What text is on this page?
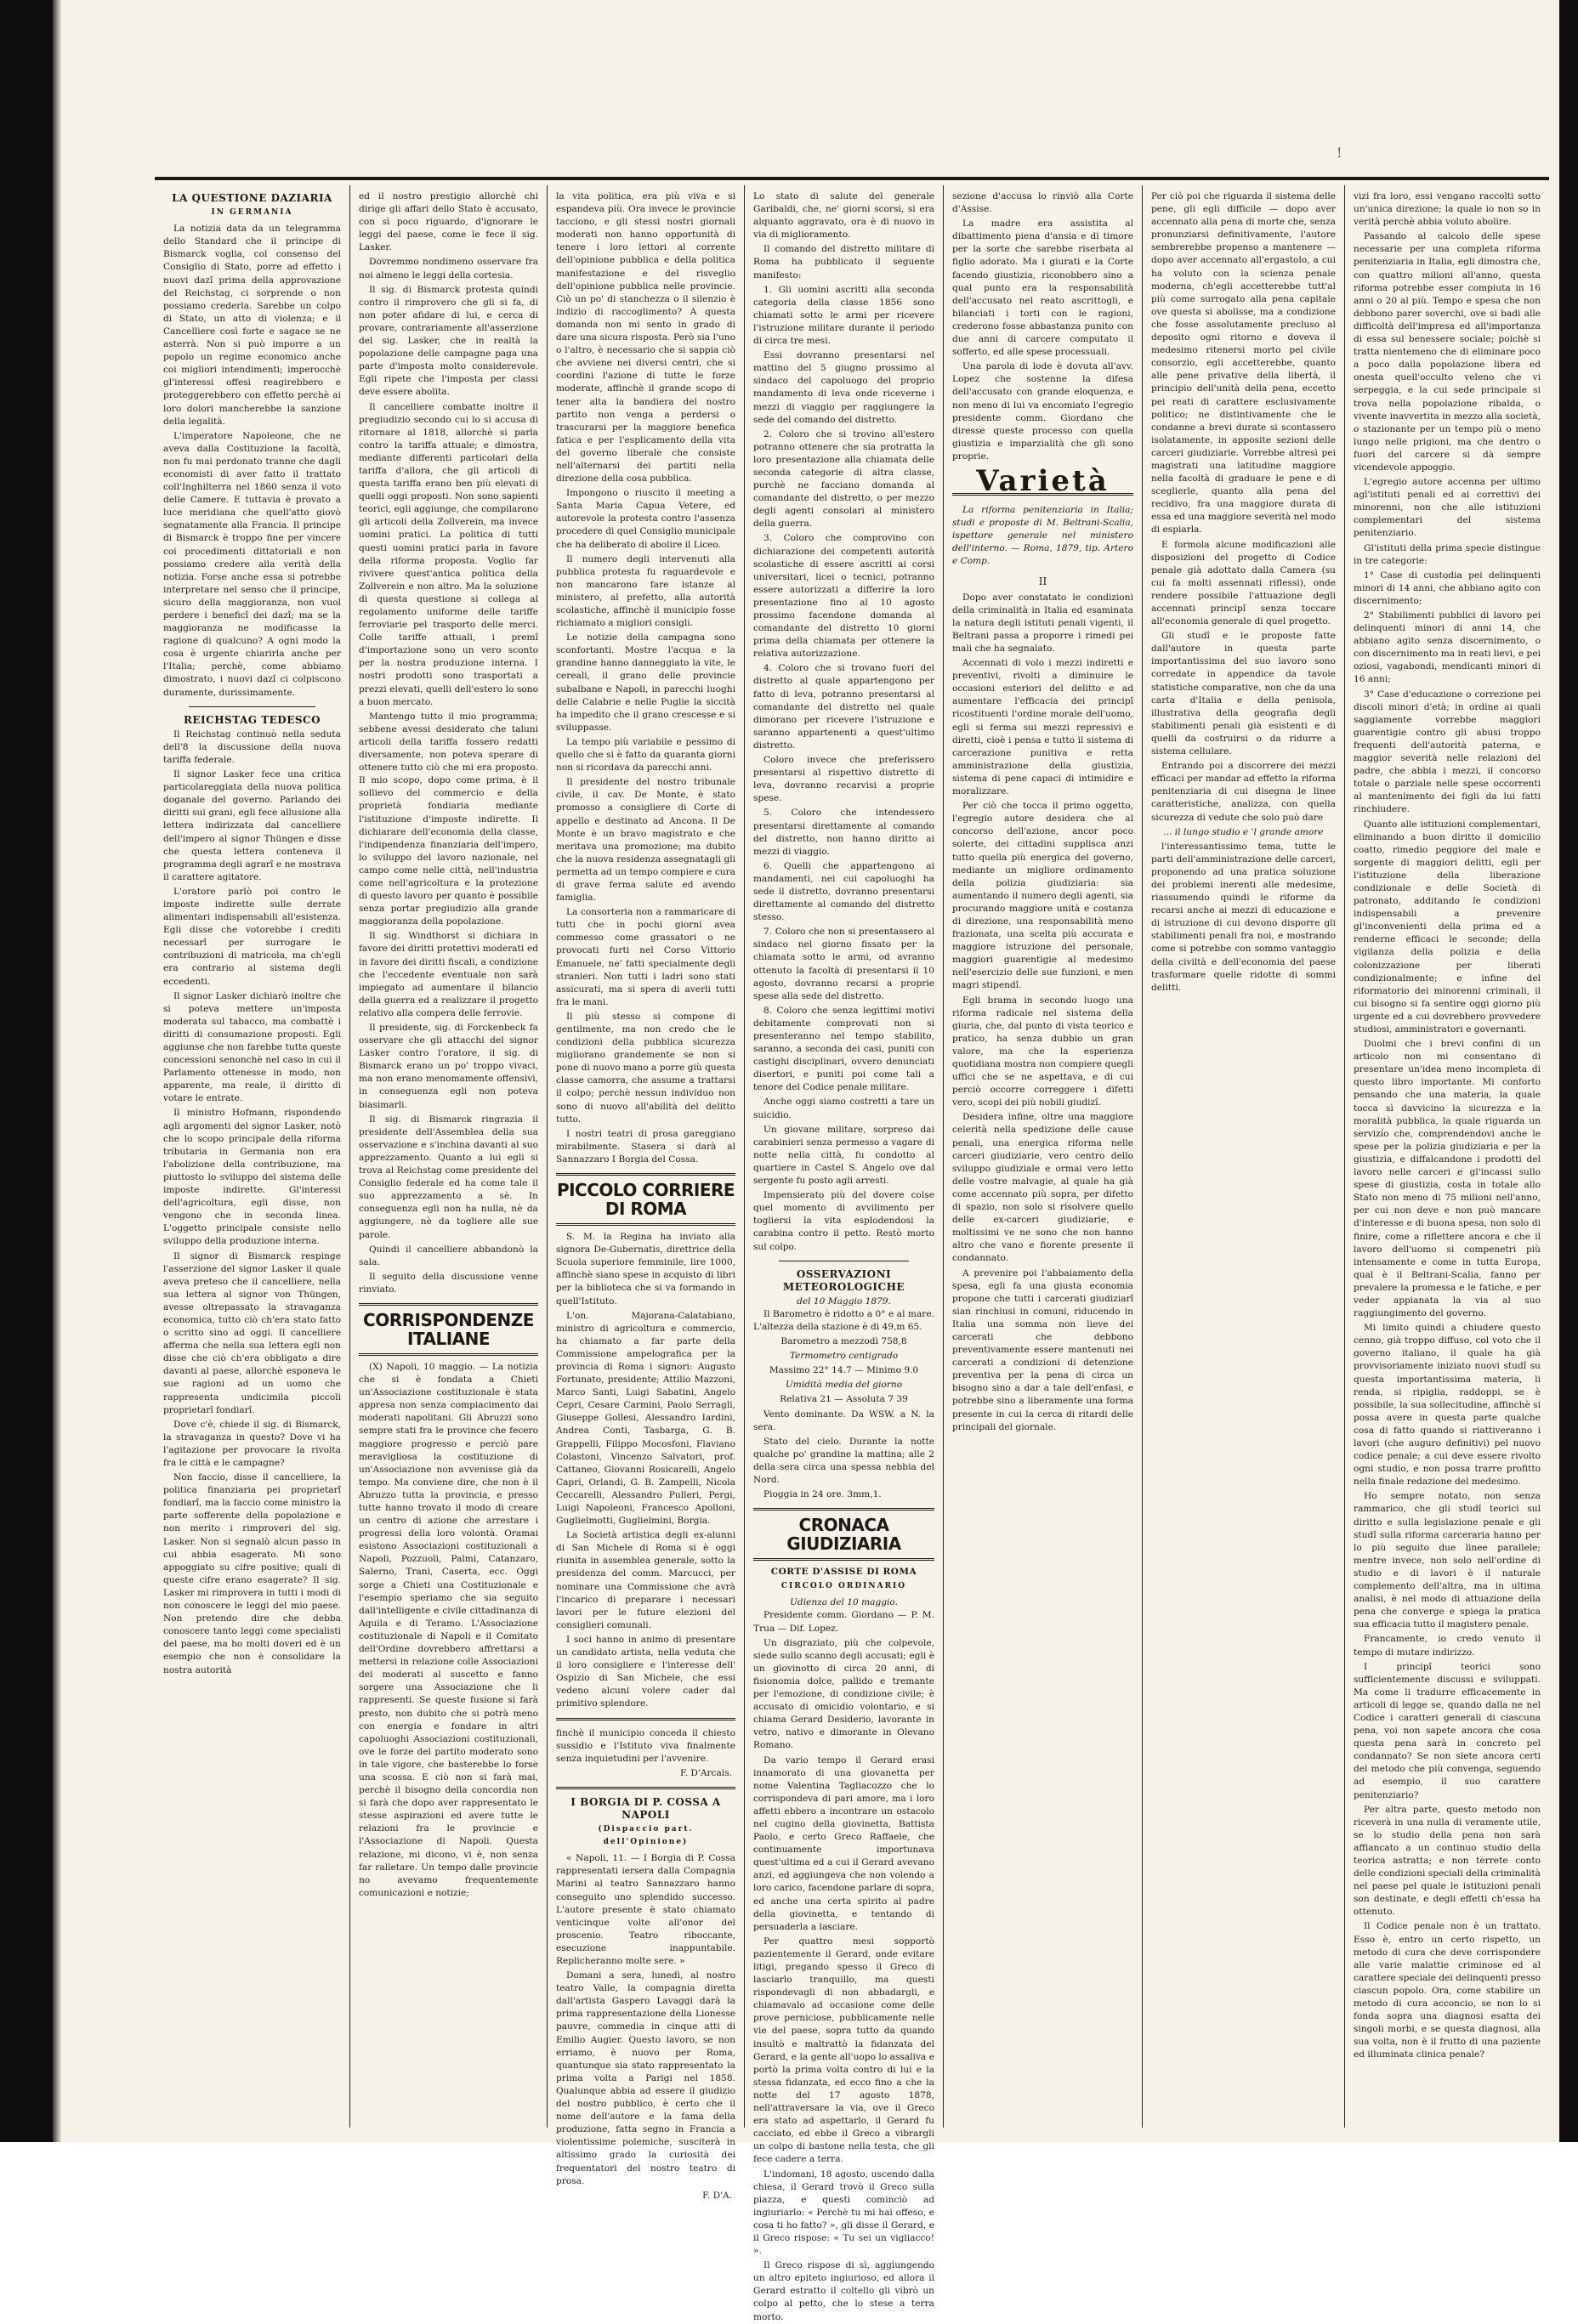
!
LA QUESTIONE DAZIARIA
IN GERMANIA

La notizia data da un telegramma dello Standard che il principe di Bismarck voglia, col consenso del Consiglio di Stato, porre ad effetto i nuovi dazî prima della approvazione del Reichstag, ci sorprende o non possiamo crederla. Sarebbe un colpo di Stato, un atto di violenza; e il Cancelliere così forte e sagace se ne asterrà. Non si può imporre a un popolo un regime economico anche coi migliori intendimenti; imperocchè gl'interessi offesi reagirebbero e proteggerebbero con effetto perchè ai loro dolori mancherebbe la sanzione della legalità.

L'imperatore Napoleone, che ne aveva dalla Costituzione la facoltà, non fu mai perdonato tranne che dagli economisti di aver fatto il trattato coll'Inghilterra nel 1860 senza il voto delle Camere. E tuttavia è provato a luce meridiana che quell'atto giovò segnatamente alla Francia. Il principe di Bismarck è troppo fine per vincere coi procedimenti dittatoriali e non possiamo credere alla verità della notizia. Forse anche essa si potrebbe interpretare nel senso che il principe, sicuro della maggioranza, non vuol perdere i beneficî dei dazî; ma se la maggioranza ne modificasse la ragione di qualcuno? A ogni modo la cosa è urgente chiarirla anche per l'Italia; perchè, come abbiamo dimostrato, i nuovi dazî ci colpiscono duramente, durissimamente.

REICHSTAG TEDESCO

Il Reichstag continuò nella seduta dell'8 la discussione della nuova tariffa federale.

Il signor Lasker fece una critica particolareggiata della nuova politica doganale del governo. Parlando dei diritti sui grani, egli fece allusione alla lettera indirizzata dal cancelliere dell'impero al signor Thüngen e disse che questa lettera conteneva il programma degli agrarî e ne mostrava il carattere agitatore.

L'oratore parlò poi contro le imposte indirette sulle derrate alimentari indispensabili all'esistenza. Egli disse che votorebbe i crediti necessarî per surrogare le contribuzioni di matricola, ma ch'egli era contrario al sistema degli eccedenti.

Il signor Lasker dichiarò inoltre che si poteva mettere un'imposta moderata sul tabacco, ma combattè i diritti di consumazione proposti. Egli aggiunse che non farebbe tutte queste concessioni senonchè nel caso in cui il Parlamento ottenesse in modo, non apparente, ma reale, il diritto di votare le entrate.

Il ministro Hofmann, rispondendo agli argomenti del signor Lasker, notò che lo scopo principale della riforma tributaria in Germania non era l'abolizione della contribuzione, ma piuttosto lo sviluppo del sistema delle imposte indirette. Gl'interessi dell'agricoltura, egli disse, non vengono che in seconda linea. L'oggetto principale consiste nello sviluppo della produzione interna.

Il signor di Bismarck respinge l'asserzione del signor Lasker il quale aveva preteso che il cancelliere, nella sua lettera al signor von Thüngen, avesse oltrepassato la stravaganza economica, tutto ciò ch'era stato fatto o scritto sino ad oggi. Il cancelliere afferma che nella sua lettera egli non disse che ciò ch'era obbligato a dire davanti al paese, allorchè esponeva le sue ragioni ad un uomo che rappresenta undicimila piccoli proprietarî fondiarî.

Dove c'è, chiede il sig. di Bismarck, la stravaganza in questo? Dove vi ha l'agitazione per provocare la rivolta fra le città e le campagne?

Non faccio, disse il cancelliere, la politica finanziaria pei proprietarî fondiarî, ma la faccio come ministro la parte sofferente della popolazione e non merito i rimproveri del sig. Lasker. Non si segnalò alcun passo in cui abbia esagerato. Mi sono appoggiato su cifre positive; quali di queste cifre erano esagerate? Il sig. Lasker mi rimprovera in tutti i modi di non conoscere le leggi del mio paese. Non pretendo dire che debba conoscere tanto leggi come specialisti del paese, ma ho molti doveri ed è un esempio che non è consolidare la nostra autorità

ed il nostro prestigio allorchè chi dirige gli affari dello Stato è accusato, con sì poco riguardo, d'ignorare le leggi del paese, come le fece il sig. Lasker.

Dovremmo nondimeno osservare fra noi almeno le leggi della cortesia.

Il sig. di Bismarck protesta quindi contro il rimprovero che gli si fa, di non poter afidare di lui, e cerca di provare, contrariamente all'asserzione del sig. Lasker, che in realtà la popolazione delle campagne paga una parte d'imposta molto considerevole. Egli ripete che l'imposta per classi deve essere abolita.

Il cancelliere combatte inoltre il pregiudizio secondo cui lo si accusa di ritornare al 1818, allorchè si parla contro la tariffa attuale; e dimostra, mediante differenti particolari della tariffa d'allora, che gli articoli di questa tariffa erano ben più elevati di quelli oggi proposti. Non sono sapienti teorici, egli aggiunge, che compilarono gli articoli della Zollverein, ma invece uomini pratici. La politica di tutti questi uomini pratici parla in favore della riforma proposta. Voglio far rivivere quest'antica politica della Zollverein e non altro. Ma la soluzione di questa questione si collega al regolamento uniforme delle tariffe ferroviarie pel trasporto delle merci. Colle tariffe attuali, i premî d'importazione sono un vero sconto per la nostra produzione interna. I nostri prodotti sono trasportati a prezzi elevati, quelli dell'estero lo sono a buon mercato.

Mantengo tutto il mio programma; sebbene avessi desiderato che taluni articoli della tariffa fossero redatti diversamente, non poteva sperare di ottenere tutto ciò che mi era proposto. Il mio scopo, dopo come prima, è il sollievo del commercio e della proprietà fondiaria mediante l'istituzione d'imposte indirette. Il dichiarare dell'economia della classe, l'indipendenza finanziaria dell'impero, lo sviluppo del lavoro nazionale, nel campo come nelle città, nell'industria come nell'agricoltura e la protezione di questo lavoro per quanto è possibile senza portar pregiudizio alla grande maggioranza della popolazione.

Il sig. Windthorst si dichiara in favore dei diritti protettivi moderati ed in favore dei diritti fiscali, a condizione che l'eccedente eventuale non sarà impiegato ad aumentare il bilancio della guerra ed a realizzare il progetto relativo alla compera delle ferrovie.

Il presidente, sig. di Forckenbeck fa osservare che gli attacchi del signor Lasker contro l'oratore, il sig. di Bismarck erano un po' troppo vivaci, ma non erano menomamente offensivi, in conseguenza egli non poteva biasimarli.

Il sig. di Bismarck ringrazia il presidente dell'Assemblea della sua osservazione e s'inchina davanti al suo apprezzamento. Quanto a lui egli si trova al Reichstag come presidente del Consiglio federale ed ha come tale il suo apprezzamento a sè. In conseguenza egli non ha nulla, nè da aggiungere, nè da togliere alle sue parole.

Quindi il cancelliere abbandonò la sala.

Il seguito della discussione venne rinviato.

CORRISPONDENZE ITALIANE

(X) Napoli, 10 maggio. — La notizia che si è fondata a Chieti un'Associazione costituzionale è stata appresa non senza compiacimento dai moderati napolitani. Gli Abruzzi sono sempre stati fra le province che fecero maggiore progresso e perciò pare meravigliosa la costituzione di un'Associazione non avvenisse già da tempo. Ma conviene dire, che non è il Abruzzo tutta la provincia, e presso tutte hanno trovato il modo di creare un centro di azione che arrestare i progressi della loro volontà. Oramai esistono Associazioni costituzionali a Napoli, Pozzuoli, Palmi, Catanzaro, Salerno, Trani, Caserta, ecc. Oggi sorge a Chieti una Costituzionale e l'esempio speriamo che sia seguito dall'intelligente e civile cittadinanza di Aquila e di Teramo. L'Associazione costituzionale di Napoli e il Comitato dell'Ordine dovrebbero affrettarsi a mettersi in relazione colle Associazioni dei moderati al suscetto e fanno sorgere una Associazione che li rappresenti. Se queste fusione si farà presto, non dubito che si potrà meno con energia e fondare in altri capoluoghi Associazioni costituzionali, ove le forze del partito moderato sono in tale vigore, che basterebbe lo forse una scossa. E ciò non si farà mai, perchè il bisogno della concordia non si farà che dopo aver rappresentato le stesse aspirazioni ed avere tutte le relazioni fra le provincie e l'Associazione di Napoli. Questa relazione, mi dicono, vi è, non senza far ralletare. Un tempo dalle provincie no avevamo frequentemente comunicazioni e notizie;

la vita politica, era più viva e si espandeva più. Ora invece le provincie tacciono, e gli stessi nostri giornali moderati non hanno opportunità di tenere i loro lettori al corrente dell'opinione pubblica e della politica manifestazione e del risveglio dell'opinione pubblica nelle provincie. Ciò un po' di stanchezza o il silenzio è indizio di raccoglimento? A questa domanda non mi sento in grado di dare una sicura risposta. Però sia l'uno o l'altro, è necessario che si sappia ciò che avviene nei diversi centri, che si coordini l'azione di tutte le forze moderate, affinchè il grande scopo di tener alta la bandiera del nostro partito non venga a perdersi o trascurarsi per la maggiore benefica fatica e per l'esplicamento della vita del governo liberale che consiste nell'alternarsi dei partiti nella direzione della cosa pubblica.

Impongono o riuscito il meeting a Santa Maria Capua Vetere, ed autorevole la protesta contro l'assenza procedere di quel Consiglio municipale che ha deliberato di abolire il Liceo.

Il numero degli intervenuti alla pubblica protesta fu raguardevole e non mancarono fare istanze al ministero, al prefetto, alla autorità scolastiche, affinchè il municipio fosse richiamato a migliori consigli.

Le notizie della campagna sono sconfortanti. Mostre l'acqua e la grandine hanno danneggiato la vite, le cereali, il grano delle provincie subalbane e Napoli, in parecchi luoghi delle Calabrie e nelle Puglie la siccità ha impedito che il grano crescesse e si sviluppasse.

La tempo più variabile e pessimo di quello che si è fatto da quaranta giorni non si ricordava da parecchi anni.

Il presidente del nostro tribunale civile, il cav. De Monte, è stato promosso a consigliere di Corte di appello e destinato ad Ancona. Il De Monte è un bravo magistrato e che meritava una promozione; ma dubito che la nuova residenza assegnatagli gli permetta ad un tempo compiere e cura di grave ferma salute ed avendo famiglia.

La consorteria non a rammaricare di tutti che in pochi giorni avea commesso come grassatori o ne provocati furti nel Corso Vittorio Emanuele, ne' fatti specialmente degli stranieri. Non tutti i ladri sono stati assicurati, ma si spera di averli tutti fra le mani.

Il più stesso si compone di gentilmente, ma non credo che le condizioni della pubblica sicurezza migliorano grandemente se non si pone di nuovo mano a porre giù questa classe camorra, che assume a trattarsi il colpo; perchè nessun individuo non sono di nuovo all'abilità del delitto tutto.

I nostri teatri di prosa gareggiano mirabilmente. Stasera si darà al Sannazzaro I Borgia del Cossa.

PICCOLO CORRIERE DI ROMA

S. M. la Regina ha inviato alla signora De-Gubernatis, direttrice della Scuola superiore femminile, lire 1000, affinchè siano spese in acquisto di libri per la biblioteca che si va formando in quell'Istituto.

L'on. Majorana-Calatabiano, ministro di agricoltura e commercio, ha chiamato a far parte della Commissione ampelografica per la provincia di Roma i signori: Augusto Fortunato, presidente; Attilio Mazzoni, Marco Santi, Luigi Sabatini, Angelo Cepri, Cesare Carmini, Paolo Serragli, Giuseppe Gollesi, Alessandro Iardini, Andrea Conti, Tasbarga, G. B. Grappelli, Filippo Mocosfoni, Flaviano Colastoni, Vincenzo Salvatori, prof. Cattaneo, Giovanni Rosicarelli, Angelo Capri, Orlandi, G. B. Zampelli, Nicola Ceccarelli, Alessandro Pulleri, Pergi, Luigi Napoleoni, Francesco Apolloni, Guglielmotti, Guglielmini, Borgia.

La Società artistica degli ex-alunni di San Michele di Roma si è oggi riunita in assemblea generale, sotto la presidenza del comm. Marcucci, per nominare una Commissione che avrà l'incarico di preparare i necessari lavori per le future elezioni del consiglieri comunali.

I soci hanno in animo di presentare un candidato artista, nella veduta che il loro consigliere e l'interesse dell' Ospizio di San Michele, che essi vedeno alcuni volere cader dal primitivo splendore.

finchè il municipio conceda il chiesto sussidio e l'Istituto viva finalmente senza inquietudini per l'avvenire.

F. D'Arcais.
I BORGIA DI P. COSSA A NAPOLI
(Dispaccio part. dell'Opinione)

« Napoli, 11. — I Borgia di P. Cossa rappresentati iersera dalla Compagnia Marini al teatro Sannazzaro hanno conseguito uno splendido successo. L'autore presente è stato chiamato venticinque volte all'onor del proscenio. Teatro riboccante, esecuzione inappuntabile. Replicheranno molte sere. »

Domani a sera, lunedì, al nostro teatro Valle, la compagnia diretta dall'artista Gaspero Lavaggi darà la prima rappresentazione della Lionesse pauvre, commedia in cinque atti di Emilio Augier. Questo lavoro, se non erriamo, è nuovo per Roma, quantunque sia stato rappresentato la prima volta a Parigi nel 1858. Qualunque abbia ad essere il giudizio del nostro pubblico, è certo che il nome dell'autore e la fama della produzione, fatta segno in Francia a violentissime polemiche, susciterà in altissimo grado la curiosità dei frequentatori del nostro teatro di prosa.

F. D'A.

Lo stato di salute del generale Garibaldi, che, ne' giorni scorsi, si era alquanto aggravato, ora è di nuovo in via di miglioramento.

Il comando del distretto militare di Roma ha pubblicato il seguente manifesto:

1. Gli uomini ascritti alla seconda categoria della classe 1856 sono chiamati sotto le armi per ricevere l'istruzione militare durante il periodo di circa tre mesi.

Essi dovranno presentarsi nel mattino del 5 giugno prossimo al sindaco del capoluogo del proprio mandamento di leva onde riceverne i mezzi di viaggio per raggiungere la sede del comando del distretto.

2. Coloro che si trovino all'estero potranno ottenere che sia protratta la loro presentazione alla chiamata delle seconda categorie di altra classe, purchè ne facciano domanda al comandante del distretto, o per mezzo degli agenti consolari al ministero della guerra.

3. Coloro che comprovino con dichiarazione dei competenti autorità scolastiche di essere ascritti ai corsi universitari, licei o tecnici, potranno essere autorizzati a differire la loro presentazione fino al 10 agosto prossimo facendone domanda al comandante del distretto 10 giorni prima della chiamata per ottenere la relativa autorizzazione.

4. Coloro che si trovano fuori del distretto al quale appartengono per fatto di leva, potranno presentarsi al comandante del distretto nel quale dimorano per ricevere l'istruzione e saranno appartenenti a quest'ultimo distretto.

Coloro invece che preferissero presentarsi al rispettivo distretto di leva, dovranno recarvisi a proprie spese.

5. Coloro che intendessero presentarsi direttamente al comando del distretto, non hanno diritto ai mezzi di viaggio.

6. Quelli che appartengono ai mandamenti, nei cui capoluoghi ha sede il distretto, dovranno presentarsi direttamente al comando del distretto stesso.

7. Coloro che non si presentassero al sindaco nel giorno fissato per la chiamata sotto le armi, od avranno ottenuto la facoltà di presentarsi il 10 agosto, dovranno recarsi a proprie spese alla sede del distretto.

8. Coloro che senza legittimi motivi debitamente comprovati non si presenteranno nel tempo stabilito, saranno, a seconda dei casi, puniti con castighi disciplinari, ovvero denunciati disertori, e puniti poi come tali a tenore del Codice penale militare.

Anche oggi siamo costretti a tare un suicidio.

Un giovane militare, sorpreso dai carabinieri senza permesso a vagare di notte nella città, fu condotto al quartiere in Castel S. Angelo ove dal sergente fu posto agli arresti.

Impensierato più del dovere colse quel momento di avvilimento per togliersi la vita esplodendosi la carabina contro il petto. Restò morto sul colpo.

OSSERVAZIONI METEOROLOGICHE
del 10 Maggio 1879.

Il Barometro è ridotto a 0° e al mare. L'altezza della stazione è di 49,m 65.

Barometro a mezzodì 758,8

Termometro centigrado

Massimo 22° 14.7 — Minimo 9.0

Umidità media del giorno

Relativa 21 — Assoluta 7 39

Vento dominante. Da WSW. a N. la sera.

Stato del cielo. Durante la notte qualche po' grandine la mattina; alle 2 della sera circa una spessa nebbia del Nord.

Pioggia in 24 ore. 3mm,1.

CRONACA GIUDIZIARIA
CORTE D'ASSISE DI ROMA
CIRCOLO ORDINARIO
Udienza del 10 maggio.

Presidente comm. Giordano — P. M. Trua — Dif. Lopez.

Un disgraziato, più che colpevole, siede sullo scanno degli accusati; egli è un giovinotto di circa 20 anni, di fisionomia dolce, pallido e tremante per l'emozione, di condizione civile; è accusato di omicidio volontario, e si chiama Gerard Desiderio, lavorante in vetro, nativo e dimorante in Olevano Romano.

Da vario tempo il Gerard erasi innamorato di una giovanetta per nome Valentina Tagliacozzo che lo corrispondeva di pari amore, ma i loro affetti ebbero a incontrare un ostacolo nel cugino della giovinetta, Battista Paolo, e certo Greco Raffaele, che continuamente importunava quest'ultima ed a cui il Gerard avevano anzi, ed aggiungeva che non volendo a loro carico, facendone parlare di sopra, ed anche una certa spirito al padre della giovinetta, e tentando di persuaderla a lasciare.

Per quattro mesi sopportò pazientemente il Gerard, onde evitare litigi, pregando spesso il Greco di lasciarlo tranquillo, ma questi rispondevagli di non abbadargli, e chiamavalo ad occasione come delle prove perniciose, pubblicamente nelle vie del paese, sopra tutto da quando insultò e maltrattò la fidanzata del Gerard, e la gente all'uopo lo assaliva e portò la prima volta contro di lui e la stessa fidanzata, ed ecco fino a che la notte del 17 agosto 1878, nell'attraversare la via, ove il Greco era stato ad aspettarlo, il Gerard fu cacciato, ed ebbe il Greco a vibrargli un colpo di bastone nella testa, che gli fece cadere a terra.

L'indomani, 18 agosto, uscendo dalla chiesa, il Gerard trovò il Greco sulla piazza, e questi cominciò ad ingiuriarlo: « Perchè tu mi hai offeso, e cosa ti ho fatto? », gli disse il Gerard, e il Greco rispose: « Tu sei un vigliacco! ».

Il Greco rispose di sì, aggiungendo un altro epiteto ingiurioso, ed allora il Gerard estratto il coltello gli vibrò un colpo al petto, che lo stese a terra morto.

sezione d'accusa lo rinviò alla Corte d'Assise.

La madre era assistita al dibattimento piena d'ansia e di timore per la sorte che sarebbe riserbata al figlio adorato. Ma i giurati e la Corte facendo giustizia, riconobbero sino a qual punto era la responsabilità dell'accusato nel reato ascrittogli, e bilanciati i torti con le ragioni, crederono fosse abbastanza punito con due anni di carcere computato il sofferto, ed alle spese processuali.

Una parola di lode è dovuta all'avv. Lopez che sostenne la difesa dell'accusato con grande eloquenza, e non meno di lui va encomiato l'egregio presidente comm. Giordano che diresse queste processo con quella giustizia e imparzialità che gli sono proprie.

Varietà

La riforma penitenziaria in Italia; studi e proposte di M. Beltrani-Scalia, ispettore generale nel ministero dell'interno. — Roma, 1879, tip. Artero e Comp.

II

Dopo aver constatato le condizioni della criminalità in Italia ed esaminata la natura degli istituti penali vigenti, il Beltrani passa a proporre i rimedi pei mali che ha segnalato.

Accennati di volo i mezzi indiretti e preventivi, rivolti a diminuire le occasioni esteriori del delitto e ad aumentare l'efficacia dei principî ricostituenti l'ordine morale dell'uomo, egli si ferma sui mezzi repressivi e diretti, cioè i pensa e tutto il sistema di carcerazione punitiva e retta amministrazione della giustizia, sistema di pene capaci di intimidire e moralizzare.

Per ciò che tocca il primo oggetto, l'egregio autore desidera che al concorso dell'azione, ancor poco solerte, dei cittadini supplisca anzi tutto quella più energica del governo, mediante un migliore ordinamento della polizia giudiziaria: sia aumentando il numero degli agenti, sia procurando maggiore unità e costanza di direzione, una responsabilità meno frazionata, una scelta più accurata e maggiore istruzione del personale, maggiori guarentigie al medesimo nell'esercizio delle sue funzioni, e men magri stipendî.

Egli brama in secondo luogo una riforma radicale nel sistema della giuria, che, dal punto di vista teorico e pratico, ha senza dubbio un gran valore, ma che la esperienza quotidiana mostra non compiere quegli uffici che se ne aspettava, e di cui perciò occorre correggere i difetti vero, scopi dei più nobili giudizî.

Desidera infine, oltre una maggiore celerità nella spedizione delle cause penali, una energica riforma nelle carceri giudiziarie, vero centro dello sviluppo giudiziale e ormai vero letto delle vostre malvagie, al quale ha già come accennato più sopra, per difetto di spazio, non solo si risolvere quello delle ex-carceri giudiziarie, e moltissimi ve ne sono che non hanno altro che vano e fiorente presente il condannato.

A prevenire poi l'abbaiamento della spesa, egli fa una giusta economia propone che tutti i carcerati giudiziarî sian rinchiusi in comuni, riducendo in Italia una somma non lieve dei carcerati che debbono preventivamente essere mantenuti nei carcerati a condizioni di detenzione preventiva per la pena di circa un bisogno sino a dar a tale dell'enfasi, e potrebbe sino a liberamente una forma presente in cui la cerca di ritardi delle principali del giornale.

Per ciò poi che riguarda il sistema delle pene, gli egli difficile — dopo aver accennato alla pena di morte che, senza pronunziarsi definitivamente, l'autore sembrerebbe propenso a mantenere — dopo aver accennato all'ergastolo, a cui ha voluto con la scienza penale moderna, ch'egli accetterebbe tutt'al più come surrogato alla pena capitale ove questa si abolisse, ma a condizione che fosse assolutamente precluso al deposito ogni ritorno e doveva il medesimo ritenersi morto pel civile consorzio, egli accetterebbe, quanto alle pene privative della libertà, il principio dell'unità della pena, eccetto pei reati di carattere esclusivamente politico; ne distintivamente che le condanne a brevi durate si scontassero isolatamente, in apposite sezioni delle carceri giudiziarie. Vorrebbe altresì pei magistrati una latitudine maggiore nella facoltà di graduare le pene e di sceglierle, quanto alla pena del recidivo, fra una maggiore durata di essa ed una maggiore severità nel modo di espiarla.

E formola alcune modificazioni alle disposizioni del progetto di Codice penale già adottato dalla Camera (su cui fa molti assennati riflessi), onde rendere possibile l'attuazione degli accennati principî senza toccare all'economia generale di quel progetto.

Gli studî e le proposte fatte dall'autore in questa parte importantissima del suo lavoro sono corredate in appendice da tavole statistiche comparative, non che da una carta d'Italia e della penisola, illustrativa della geografia degli stabilimenti penali già esistenti e di quelli da costruirsi o da ridurre a sistema cellulare.

Entrando poi a discorrere dei mezzi efficaci per mandar ad effetto la riforma penitenziaria di cui disegna le linee caratteristiche, analizza, con quella sicurezza di vedute che solo può dare

... il lungo studio e 'l grande amore

l'interessantissimo tema, tutte le parti dell'amministrazione delle carceri, proponendo ad una pratica soluzione dei problemi inerenti alle medesime, riassumendo quindi le riforme da recarsi anche ai mezzi di educazione e di istruzione di cui devono disporre gli stabilimenti penali fra noi, e mostrando come si potrebbe con sommo vantaggio della civiltà e dell'economia del paese trasformare quelle ridotte di sommi delitti.

vizi fra loro, essi vengano raccolti sotto un'unica direzione; la quale io non so in verità perchè abbia voluto abolire.

Passando al calcolo delle spese necessarie per una completa riforma penitenziaria in Italia, egli dimostra che, con quattro milioni all'anno, questa riforma potrebbe esser compiuta in 16 anni o 20 al più. Tempo e spesa che non debbono parer soverchi, ove si badi alle difficoltà dell'impresa ed all'importanza di essa sul benessere sociale; poichè si tratta nientemeno che di eliminare poco a poco dalla popolazione libera ed onesta quell'occulto veleno che vi serpeggia, e la cui sede principale si trova nella popolazione ribalda, o vivente inavvertita in mezzo alla società, o stazionante per un tempo più o meno lungo nelle prigioni, ma che dentro o fuori del carcere si dà sempre vicendevole appoggio.

L'egregio autore accenna per ultimo agl'istituti penali ed ai correttivi dei minorenni, non che alle istituzioni complementari del sistema penitenziario.

Gl'istituti della prima specie distingue in tre categorie:

1° Case di custodia pei delinquenti minori di 14 anni, che abbiano agito con discernimento;

2° Stabilimenti pubblici di lavoro pei delinquenti minori di anni 14, che abbiano agito senza discernimento, o con discernimento ma in reati lievi, e pei oziosi, vagabondi, mendicanti minori di 16 anni;

3° Case d'educazione o correzione pei discoli minori d'età; in ordine ai quali saggiamente vorrebbe maggiori guarentigie contro gli abusi troppo frequenti dell'autorità paterna, e maggior severità nelle relazioni del padre, che abbia i mezzi, il concorso totale o parziale nelle spese occorrenti al mantenimento dei figli da lui fatti rinchiudere.

Quanto alle istituzioni complementari, eliminando a buon diritto il domicilio coatto, rimedio peggiore del male e sorgente di maggiori delitti, egli per l'istituzione della liberazione condizionale e delle Società di patronato, additando le condizioni indispensabili a prevenire gl'inconvenienti della prima ed a renderne efficaci le seconde; della vigilanza della polizia e della colonizzazione per liberati condizionalmente; e infine del riformatorio dei minorenni criminali, il cui bisogno si fa sentire oggi giorno più urgente ed a cui dovrebbero provvedere studiosi, amministratori e governanti.

Duolmi che i brevi confini di un articolo non mi consentano di presentare un'idea meno incompleta di questo libro importante. Mi conforto pensando che una materia, la quale tocca sì davvicino la sicurezza e la moralità pubblica, la quale riguarda un servizio che, comprendendovi anche le spese per la polizia giudiziaria e per la giustizia, e diffalcandone i prodotti del lavoro nelle carceri e gl'incassi sullo spese di giustizia, costa in totale allo Stato non meno di 75 milioni nell'anno, per cui non deve e non può mancare d'interesse e di buona spesa, non solo di finire, come a riflettere ancora e che il lavoro dell'uomo si compenetri più intensamente e come in tutta Europa, qual è il Beltrani-Scalia, fanno per prevalere la promessa e le fatiche, e per veder appianata la via al suo raggiungimento del governo.

Mi limito quindi a chiudere questo cenno, già troppo diffuso, col voto che il governo italiano, il quale ha già provvisoriamente iniziato nuovi studî su questa importantissima materia, li renda, si ripiglia, raddoppi, se è possibile, la sua sollecitudine, affinchè si possa avere in questa parte qualche cosa di fatto quando si riattiveranno i lavori (che auguro definitivi) pel nuovo codice penale; a cui deve essere rivolto ogni studio, e non possa trarre profitto nella finale redazione del medesimo.

Ho sempre notato, non senza rammarico, che gli studî teorici sul diritto e sulla legislazione penale e gli studî sulla riforma carceraria hanno per lo più seguito due linee parallele; mentre invece, non solo nell'ordine di studio e di lavori è il naturale complemento dell'altra, ma in ultima analisi, è nel modo di attuazione della pena che converge e spiega la pratica sua efficacia tutto il magistero penale.

Francamente, io credo venuto il tempo di mutare indirizzo.

I principî teorici sono sufficientemente discussi e sviluppati. Ma come li tradurre efficacemente in articoli di legge se, quando dalla ne nel Codice i caratteri generali di ciascuna pena, voi non sapete ancora che cosa questa pena sarà in concreto pel condannato? Se non siete ancora certi del metodo che più convenga, seguendo ad esempio, il suo carattere penitenziario?

Per altra parte, questo metodo non riceverà in una nulla di veramente utile, se lo studio della pena non sarà affiancato a un continuo studio della teorica astratta; e non terrete conto delle condizioni speciali della criminalità nel paese pel quale le istituzioni penali son destinate, e degli effetti ch'essa ha ottenuto.

Il Codice penale non è un trattato. Esso è, entro un certo rispetto, un metodo di cura che deve corrispondere alle varie malattie criminose ed al carattere speciale dei delinquenti presso ciascun popolo. Ora, come stabilire un metodo di cura acconcio, se non lo si fonda sopra una diagnosi esatta dei singoli morbi, e se questa diagnosi, alla sua volta, non è il frutto di una paziente ed illuminata clinica penale?
